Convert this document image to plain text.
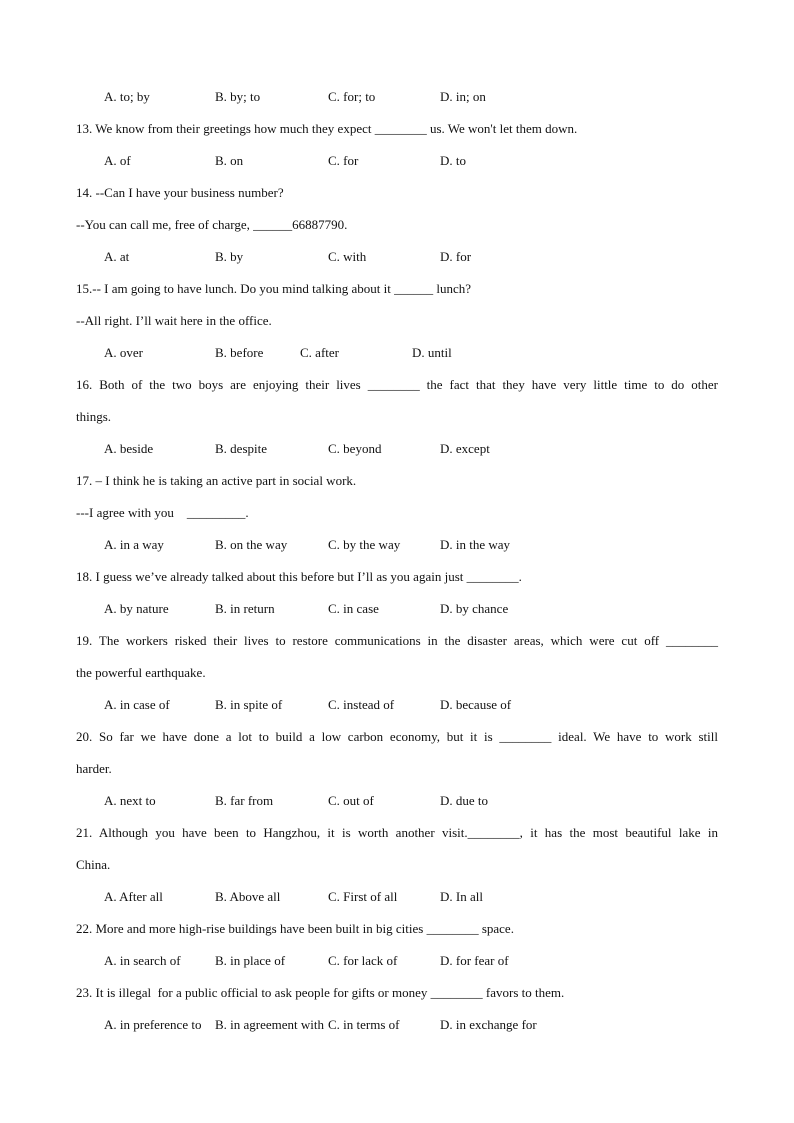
A. to; by	B. by; to	C. for; to	D. in; on
13. We know from their greetings how much they expect ________ us. We won't let them down.
A. of	B. on	C. for	D. to
14. --Can I have your business number?
--You can call me, free of charge, ______66887790.
A. at	B. by	C. with	D. for
15.-- I am going to have lunch. Do you mind talking about it ______ lunch?
--All right. I’ll wait here in the office.
A. over	B. before	C. after	D. until
16. Both of the two boys are enjoying their lives ________ the fact that they have very little time to do other
things.
A. beside	B. despite	C. beyond	D. except
17. – I think he is taking an active part in social work.
---I agree with you    _________.
A. in a way	B. on the way	C. by the way	D. in the way
18. I guess we’ve already talked about this before but I’ll as you again just ________.
A. by nature	B. in return	C. in case	D. by chance
19. The workers risked their lives to restore communications in the disaster areas, which were cut off ________
the powerful earthquake.
A. in case of	B. in spite of	C. instead of	D. because of
20. So far we have done a lot to build a low carbon economy, but it is ________ ideal. We have to work still
harder.
A. next to	B. far from	C. out of	D. due to
21. Although you have been to Hangzhou, it is worth another visit.________, it has the most beautiful lake in
China.
A. After all	B. Above all	C. First of all	D. In all
22. More and more high-rise buildings have been built in big cities ________ space.
A. in search of	B. in place of	C. for lack of	D. for fear of
23. It is illegal  for a public official to ask people for gifts or money ________ favors to them.
A. in preference to B. in agreement with C. in terms of	D. in exchange for
